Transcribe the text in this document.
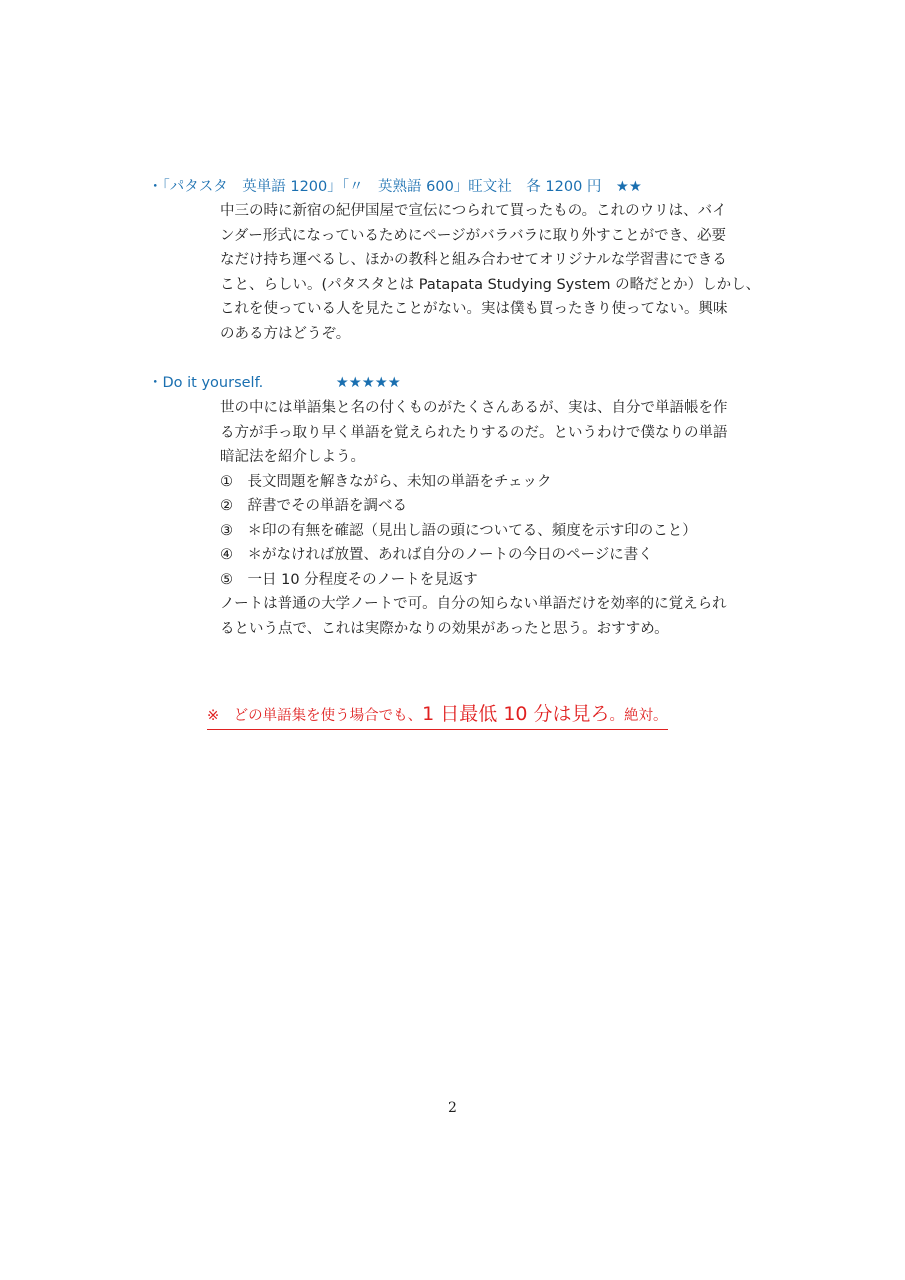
・「パタスタ　英単語 1200」「〃　英熟語 600」旺文社　各 1200 円　 ★★
中三の時に新宿の紀伊国屋で宣伝につられて買ったもの。これのウリは、バイ
ンダー形式になっているためにページがバラバラに取り外すことができ、必要
なだけ持ち運べるし、ほかの教科と組み合わせてオリジナルな学習書にできる
こと、らしい。(パタスタとは Patapata Studying System の略だとか）しかし、
これを使っている人を見たことがない。実は僕も買ったきり使ってない。興味
のある方はどうぞ。
・Do it yourself.　　　　　	★★★★★
世の中には単語集と名の付くものがたくさんあるが、実は、自分で単語帳を作
る方が手っ取り早く単語を覚えられたりするのだ。というわけで僕なりの単語
暗記法を紹介しよう。
①　長文問題を解きながら、未知の単語をチェック
②　辞書でその単語を調べる
③　＊印の有無を確認（見出し語の頭についてる、頻度を示す印のこと）
④　＊がなければ放置、あれば自分のノートの今日のページに書く
⑤　一日 10 分程度そのノートを見返す
ノートは普通の大学ノートで可。自分の知らない単語だけを効率的に覚えられ
るという点で、これは実際かなりの効果があったと思う。おすすめ。
※　どの単語集を使う場合でも、1 日最低 10 分は見ろ。絶対。
2
